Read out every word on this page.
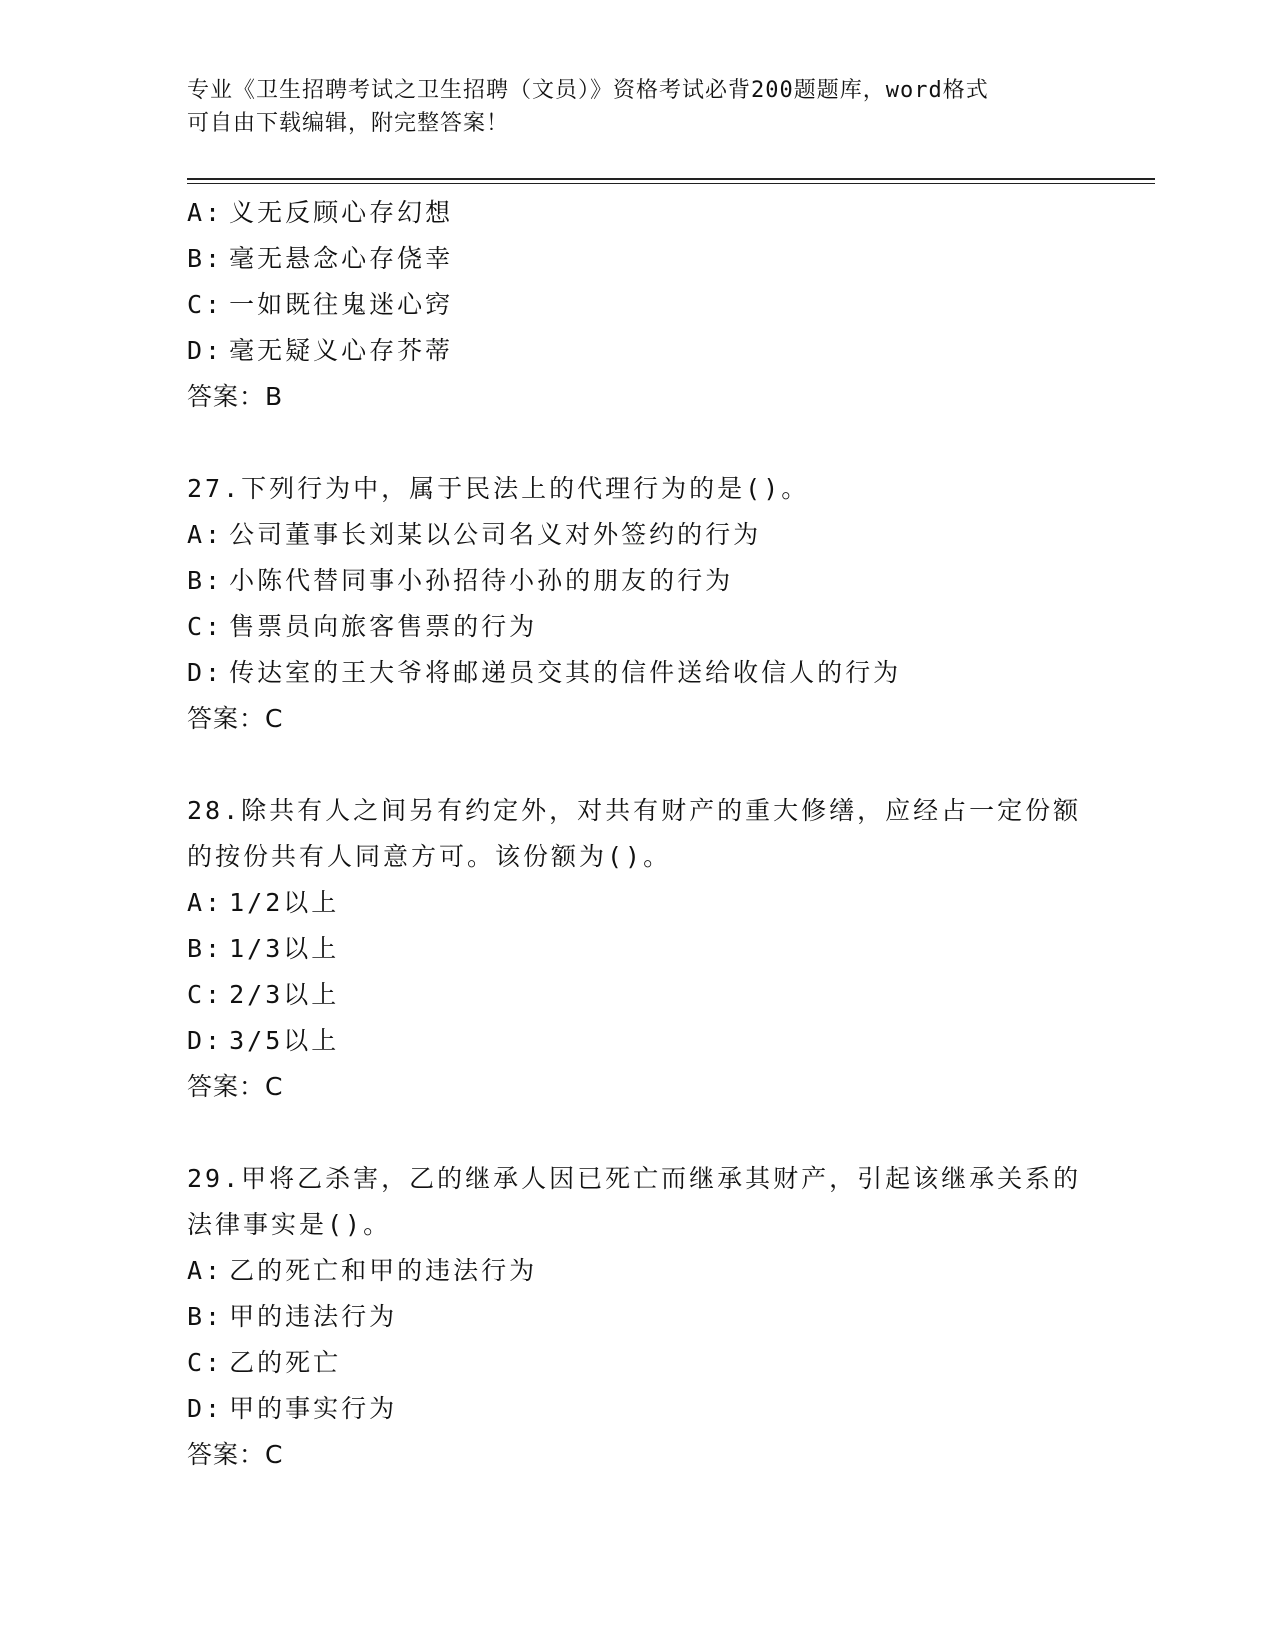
专业《卫生招聘考试之卫生招聘（文员）》资格考试必背200题题库，word格式
可自由下载编辑，附完整答案！
A: 义无反顾心存幻想
B: 毫无悬念心存侥幸
C: 一如既往鬼迷心窍
D: 毫无疑义心存芥蒂
答案：B
27.下列行为中，属于民法上的代理行为的是()。
A: 公司董事长刘某以公司名义对外签约的行为
B: 小陈代替同事小孙招待小孙的朋友的行为
C: 售票员向旅客售票的行为
D: 传达室的王大爷将邮递员交其的信件送给收信人的行为
答案：C
28.除共有人之间另有约定外，对共有财产的重大修缮，应经占一定份额的按份共有人同意方可。该份额为()。
A: 1/2以上
B: 1/3以上
C: 2/3以上
D: 3/5以上
答案：C
29.甲将乙杀害，乙的继承人因已死亡而继承其财产，引起该继承关系的法律事实是()。
A: 乙的死亡和甲的违法行为
B: 甲的违法行为
C: 乙的死亡
D: 甲的事实行为
答案：C
